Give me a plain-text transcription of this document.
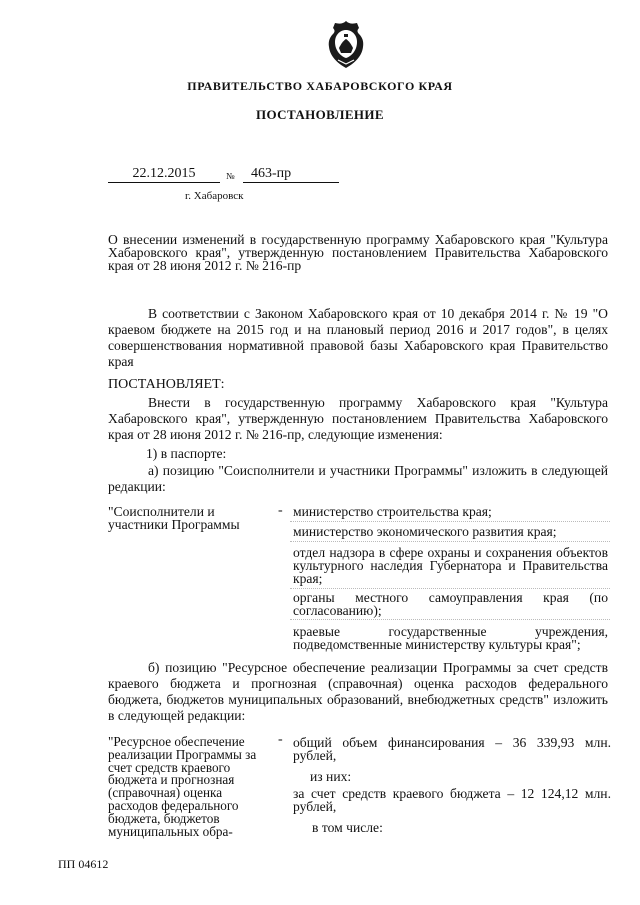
ПРАВИТЕЛЬСТВО ХАБАРОВСКОГО КРАЯ
ПОСТАНОВЛЕНИЕ
22.12.2015	№	463-пр
г. Хабаровск
О внесении изменений в государственную программу Хабаровского края "Культура Хабаровского края", утвержденную постановлением Правительства Хабаровского края от 28 июня 2012 г. № 216-пр
В соответствии с Законом Хабаровского края от 10 декабря 2014 г. № 19 "О краевом бюджете на 2015 год и на плановый период 2016 и 2017 годов", в целях совершенствования нормативной правовой базы Хабаровского края Правительство края
ПОСТАНОВЛЯЕТ:
Внести в государственную программу Хабаровского края "Культура Хабаровского края", утвержденную постановлением Правительства Хабаровского края от 28 июня 2012 г. № 216-пр, следующие изменения:
1) в паспорте:
а) позицию "Соисполнители и участники Программы" изложить в следующей редакции:
"Соисполнители и участники Программы
- министерство строительства края;
министерство экономического развития края;
отдел надзора в сфере охраны и сохранения объектов культурного наследия Губернатора и Правительства края;
органы местного самоуправления края (по согласованию);
краевые государственные учреждения, подведомственные министерству культуры края";
б) позицию "Ресурсное обеспечение реализации Программы за счет средств краевого бюджета и прогнозная (справочная) оценка расходов федерального бюджета, бюджетов муниципальных образований, внебюджетных средств" изложить в следующей редакции:
"Ресурсное обеспечение реализации Программы за счет средств краевого бюджета и прогнозная (справочная) оценка расходов федерального бюджета, бюджетов муниципальных обра-
- общий объем финансирования – 36 339,93 млн. рублей,
из них:
за счет средств краевого бюджета – 12 124,12 млн. рублей,
в том числе:
ПП 04612
